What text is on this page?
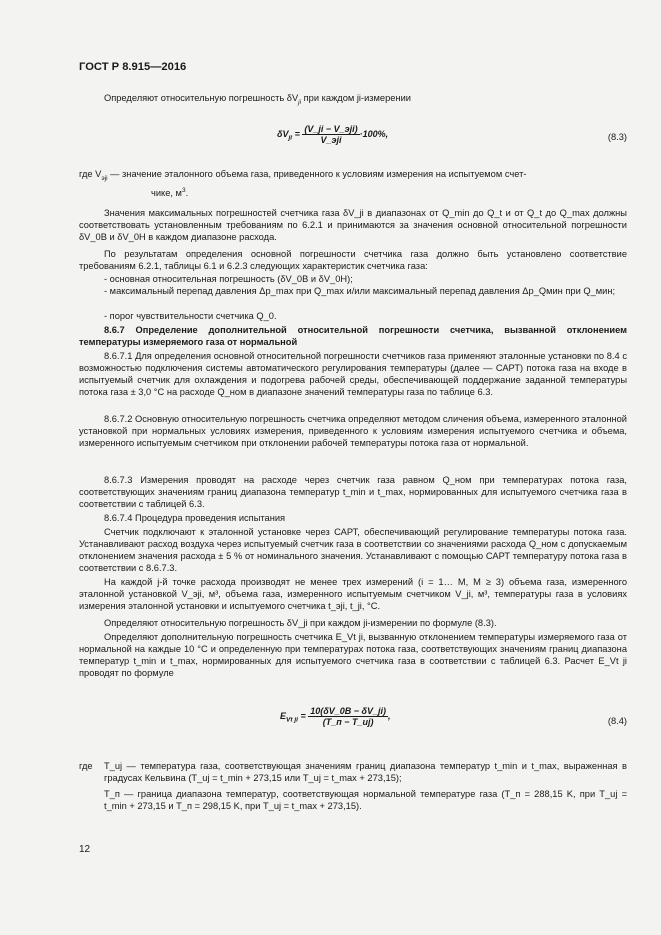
ГОСТ Р 8.915—2016
Определяют относительную погрешность $\delta V_{ji}$ при каждом ji-измерении
$\delta V_{ji} = \frac{\text{(V\_ji − V\_эji)}}{\text{V\_эji}} \cdot 100\%$,	(8.3)
где $V_{эji}$ — значение эталонного объема газа, приведенного к условиям измерения на испытуемом счет-
чике, $м^3$.
Значения максимальных погрешностей счетчика газа δV_ji в диапазонах от Q_min до Q_t и от Q_t до Q_max должны соответствовать установленным требованиям по 6.2.1 и принимаются за значения основной относительной погрешности δV_0В и δV_0Н в каждом диапазоне расхода.
По результатам определения основной погрешности счетчика газа должно быть установлено соответствие требованиям 6.2.1, таблицы 6.1 и 6.2.3 следующих характеристик счетчика газа:
- основная относительная погрешность (δV_0В и δV_0Н);
- максимальный перепад давления Δp_max при Q_max и/или максимальный перепад давления Δp_Qмин при Q_мин;
- порог чувствительности счетчика Q_0.
8.6.7 Определение дополнительной относительной погрешности счетчика, вызванной отклонением температуры измеряемого газа от нормальной
8.6.7.1 Для определения основной относительной погрешности счетчиков газа применяют эталонные установки по 8.4 с возможностью подключения системы автоматического регулирования температуры (далее — САРТ) потока газа на входе в испытуемый счетчик для охлаждения и подогрева рабочей среды, обеспечивающей поддержание заданной температуры потока газа ± 3,0 °С на расходе Q_ном в диапазоне значений температуры газа по таблице 6.3.
8.6.7.2 Основную относительную погрешность счетчика определяют методом сличения объема, измеренного эталонной установкой при нормальных условиях измерения, приведенного к условиям измерения испытуемого счетчика и объема, измеренного испытуемым счетчиком при отклонении рабочей температуры потока газа от нормальной.
8.6.7.3 Измерения проводят на расходе через счетчик газа равном Q_ном при температурах потока газа, соответствующих значениям границ диапазона температур t_min и t_max, нормированных для испытуемого счетчика газа в соответствии с таблицей 6.3.
8.6.7.4 Процедура проведения испытания
Счетчик подключают к эталонной установке через САРТ, обеспечивающий регулирование температуры потока газа. Устанавливают расход воздуха через испытуемый счетчик газа в соответствии со значениями расхода Q_ном с допускаемым отклонением значения расхода ± 5 % от номинального значения. Устанавливают с помощью САРТ температуру потока газа в соответствии с 8.6.7.3.
На каждой j-й точке расхода производят не менее трех измерений (i = 1… M, M ≥ 3) объема газа, измеренного эталонной установкой V_эji, м³, объема газа, измеренного испытуемым счетчиком V_ji, м³, температуры газа в условиях измерения эталонной установки и испытуемого счетчика t_эji, t_ji, °С.
Определяют относительную погрешность δV_ji при каждом ji-измерении по формуле (8.3).
Определяют дополнительную погрешность счетчика E_Vt ji, вызванную отклонением температуры измеряемого газа от нормальной на каждые 10 °С и определенную при температурах потока газа, соответствующих значениям границ диапазона температур t_min и t_max, нормированных для испытуемого счетчика газа в соответствии с таблицей 6.3. Расчет E_Vt ji проводят по формуле
$E_{Vt ji} = \frac{10(\delta V\_0В - \delta V\_ji)}{(T\_п - T\_uj)}$ ,
(8.4)
где	T_uj — температура газа, соответствующая значениям границ диапазона температур t_min и t_max, выраженная в градусах Кельвина (T_uj = t_min + 273,15 или T_uj = t_max + 273,15);
T_п — граница диапазона температур, соответствующая нормальной температуре газа (T_п = 288,15 K, при T_uj = t_min + 273,15 и T_п = 298,15 K, при T_uj = t_max + 273,15).
12
